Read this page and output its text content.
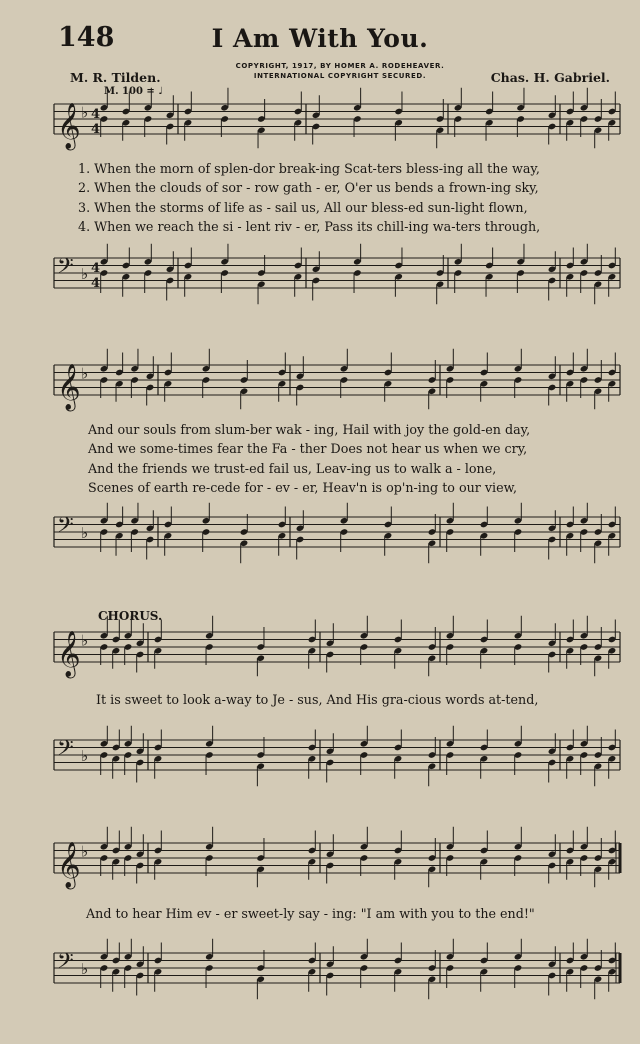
148	I Am With You.
COPYRIGHT, 1917, BY HOMER A. RODEHEAVER.
INTERNATIONAL COPYRIGHT SECURED.
M. R. Tilden.	Chas. H. Gabriel.
M. 100 = ♩
CHORUS.
𝄞 ♭ 4
4
𝄢 ♭ 4
4
𝄞 ♭
𝄢 ♭
𝄞 ♭
𝄢 ♭
𝄞 ♭
𝄢 ♭
1. When the morn of splen-dor break-ing Scat-ters bless-ing all the way,
2. When the clouds of sor - row gath - er, O'er us bends a frown-ing sky,
3. When the storms of life as - sail us, All our bless-ed sun-light flown,
4. When we reach the si - lent riv - er, Pass its chill-ing wa-ters through,
And our souls from slum-ber wak - ing, Hail with joy the gold-en day,
And we some-times fear the Fa - ther Does not hear us when we cry,
And the friends we trust-ed fail us, Leav-ing us to walk a - lone,
Scenes of earth re-cede for - ev - er, Heav'n is op'n-ing to our view,
It is sweet to look a-way to Je - sus, And His gra-cious words at-tend,
And to hear Him ev - er sweet-ly say - ing: "I am with you to the end!"
